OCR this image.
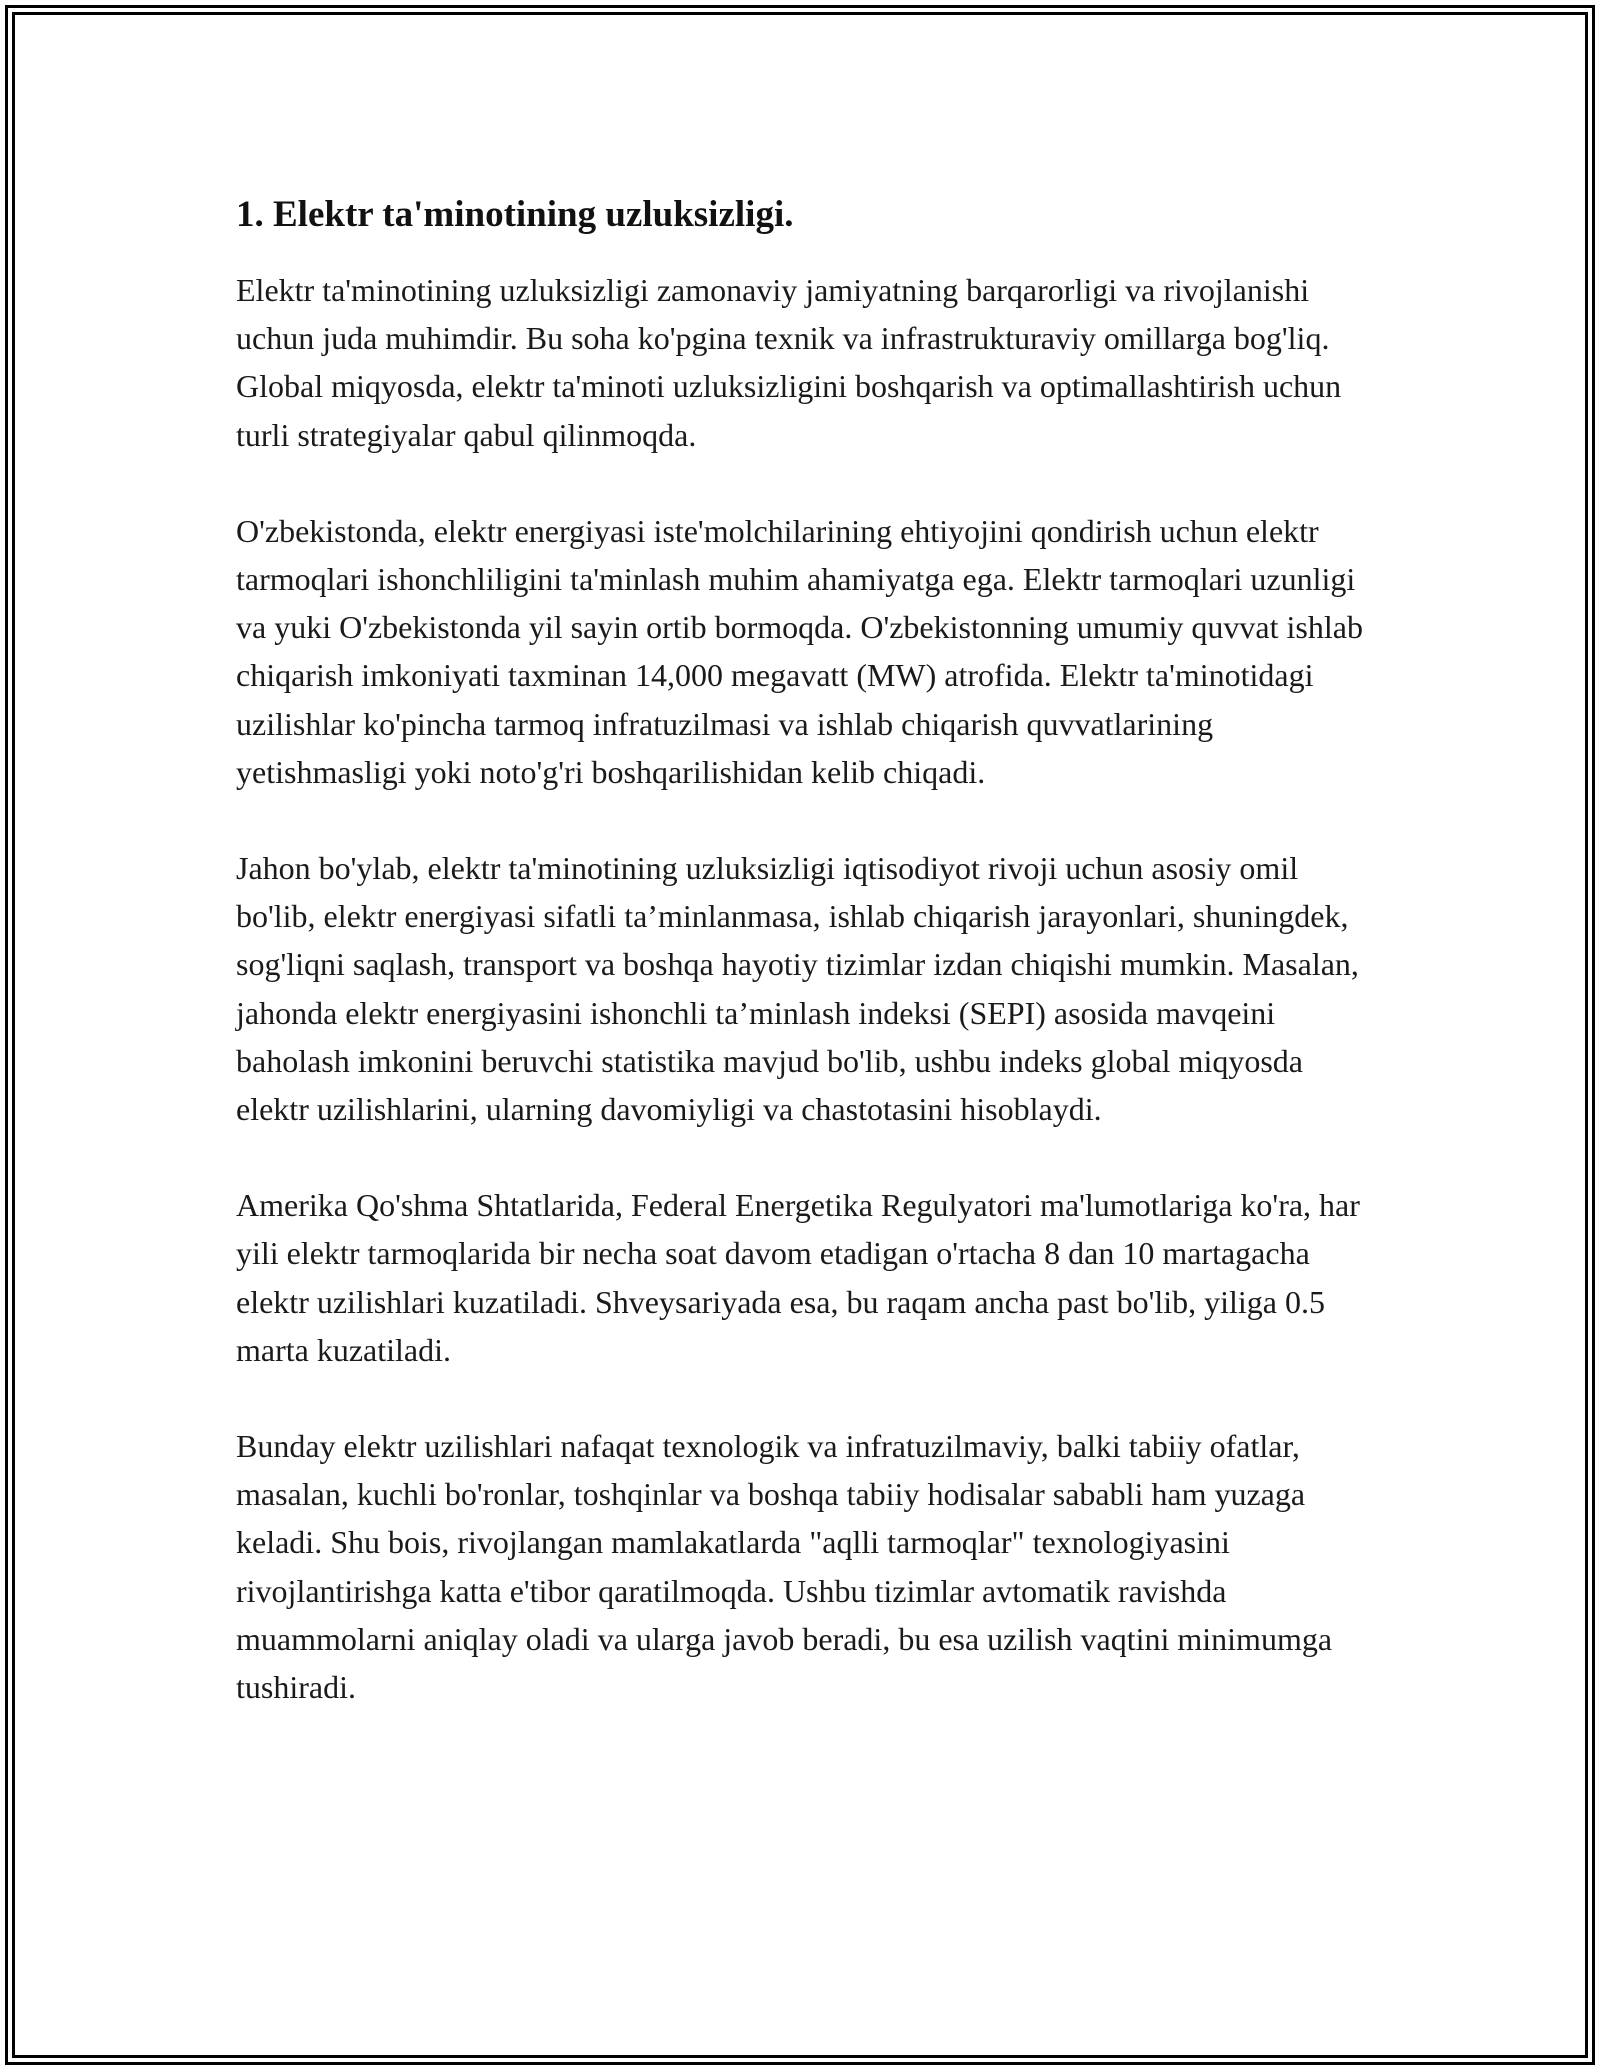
1. Elektr ta'minotining uzluksizligi.

Elektr ta'minotining uzluksizligi zamonaviy jamiyatning barqarorligi va rivojlanishi uchun juda muhimdir. Bu soha ko'pgina texnik va infrastrukturaviy omillarga bog'liq. Global miqyosda, elektr ta'minoti uzluksizligini boshqarish va optimallashtirish uchun turli strategiyalar qabul qilinmoqda.

O'zbekistonda, elektr energiyasi iste'molchilarining ehtiyojini qondirish uchun elektr tarmoqlari ishonchliligini ta'minlash muhim ahamiyatga ega. Elektr tarmoqlari uzunligi va yuki O'zbekistonda yil sayin ortib bormoqda. O'zbekistonning umumiy quvvat ishlab chiqarish imkoniyati taxminan 14,000 megavatt (MW) atrofida. Elektr ta'minotidagi uzilishlar ko'pincha tarmoq infratuzilmasi va ishlab chiqarish quvvatlarining yetishmasligi yoki noto'g'ri boshqarilishidan kelib chiqadi.

Jahon bo'ylab, elektr ta'minotining uzluksizligi iqtisodiyot rivoji uchun asosiy omil bo'lib, elektr energiyasi sifatli ta’minlanmasa, ishlab chiqarish jarayonlari, shuningdek, sog'liqni saqlash, transport va boshqa hayotiy tizimlar izdan chiqishi mumkin. Masalan, jahonda elektr energiyasini ishonchli ta’minlash indeksi (SEPI) asosida mavqeini baholash imkonini beruvchi statistika mavjud bo'lib, ushbu indeks global miqyosda elektr uzilishlarini, ularning davomiyligi va chastotasini hisoblaydi.

Amerika Qo'shma Shtatlarida, Federal Energetika Regulyatori ma'lumotlariga ko'ra, har yili elektr tarmoqlarida bir necha soat davom etadigan o'rtacha 8 dan 10 martagacha elektr uzilishlari kuzatiladi. Shveysariyada esa, bu raqam ancha past bo'lib, yiliga 0.5 marta kuzatiladi.

Bunday elektr uzilishlari nafaqat texnologik va infratuzilmaviy, balki tabiiy ofatlar, masalan, kuchli bo'ronlar, toshqinlar va boshqa tabiiy hodisalar sababli ham yuzaga keladi. Shu bois, rivojlangan mamlakatlarda "aqlli tarmoqlar" texnologiyasini rivojlantirishga katta e'tibor qaratilmoqda. Ushbu tizimlar avtomatik ravishda muammolarni aniqlay oladi va ularga javob beradi, bu esa uzilish vaqtini minimumga tushiradi.
